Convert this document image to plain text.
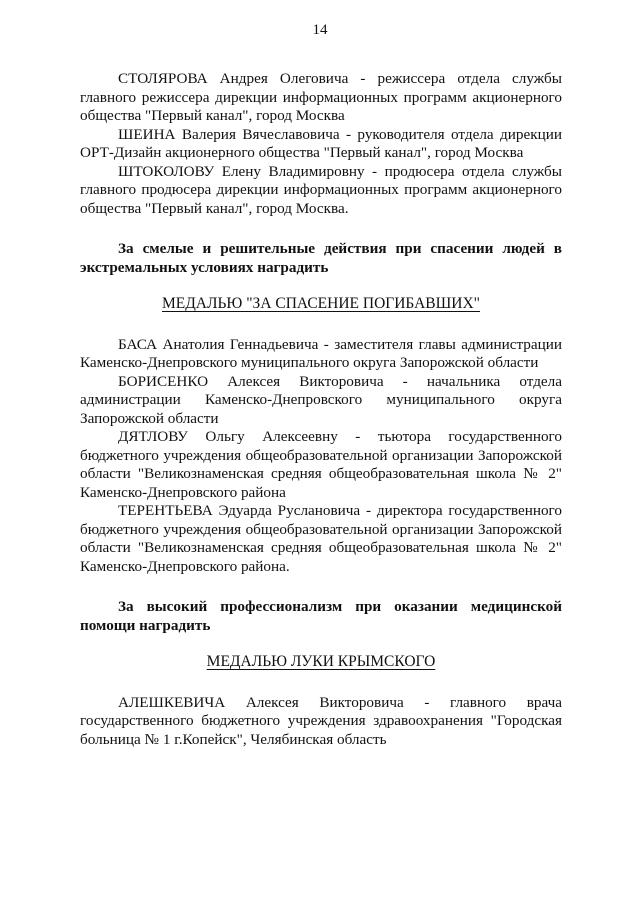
14

СТОЛЯРОВА Андрея Олеговича - режиссера отдела службы главного режиссера дирекции информационных программ акционерного общества "Первый канал", город Москва

ШЕИНА Валерия Вячеславовича - руководителя отдела дирекции ОРТ-Дизайн акционерного общества "Первый канал", город Москва

ШТОКОЛОВУ Елену Владимировну - продюсера отдела службы главного продюсера дирекции информационных программ акционерного общества "Первый канал", город Москва.

За смелые и решительные действия при спасении людей в экстремальных условиях наградить

МЕДАЛЬЮ "ЗА СПАСЕНИЕ ПОГИБАВШИХ"

БАСА Анатолия Геннадьевича - заместителя главы администрации Каменско-Днепровского муниципального округа Запорожской области

БОРИСЕНКО Алексея Викторовича - начальника отдела администрации Каменско-Днепровского муниципального округа Запорожской области

ДЯТЛОВУ Ольгу Алексеевну - тьютора государственного бюджетного учреждения общеобразовательной организации Запорожской области "Великознаменская средняя общеобразовательная школа № 2" Каменско-Днепровского района

ТЕРЕНТЬЕВА Эдуарда Руслановича - директора государственного бюджетного учреждения общеобразовательной организации Запорожской области "Великознаменская средняя общеобразовательная школа № 2" Каменско-Днепровского района.

За высокий профессионализм при оказании медицинской помощи наградить

МЕДАЛЬЮ ЛУКИ КРЫМСКОГО

АЛЕШКЕВИЧА Алексея Викторовича - главного врача государственного бюджетного учреждения здравоохранения "Городская больница № 1 г.Копейск", Челябинская область
